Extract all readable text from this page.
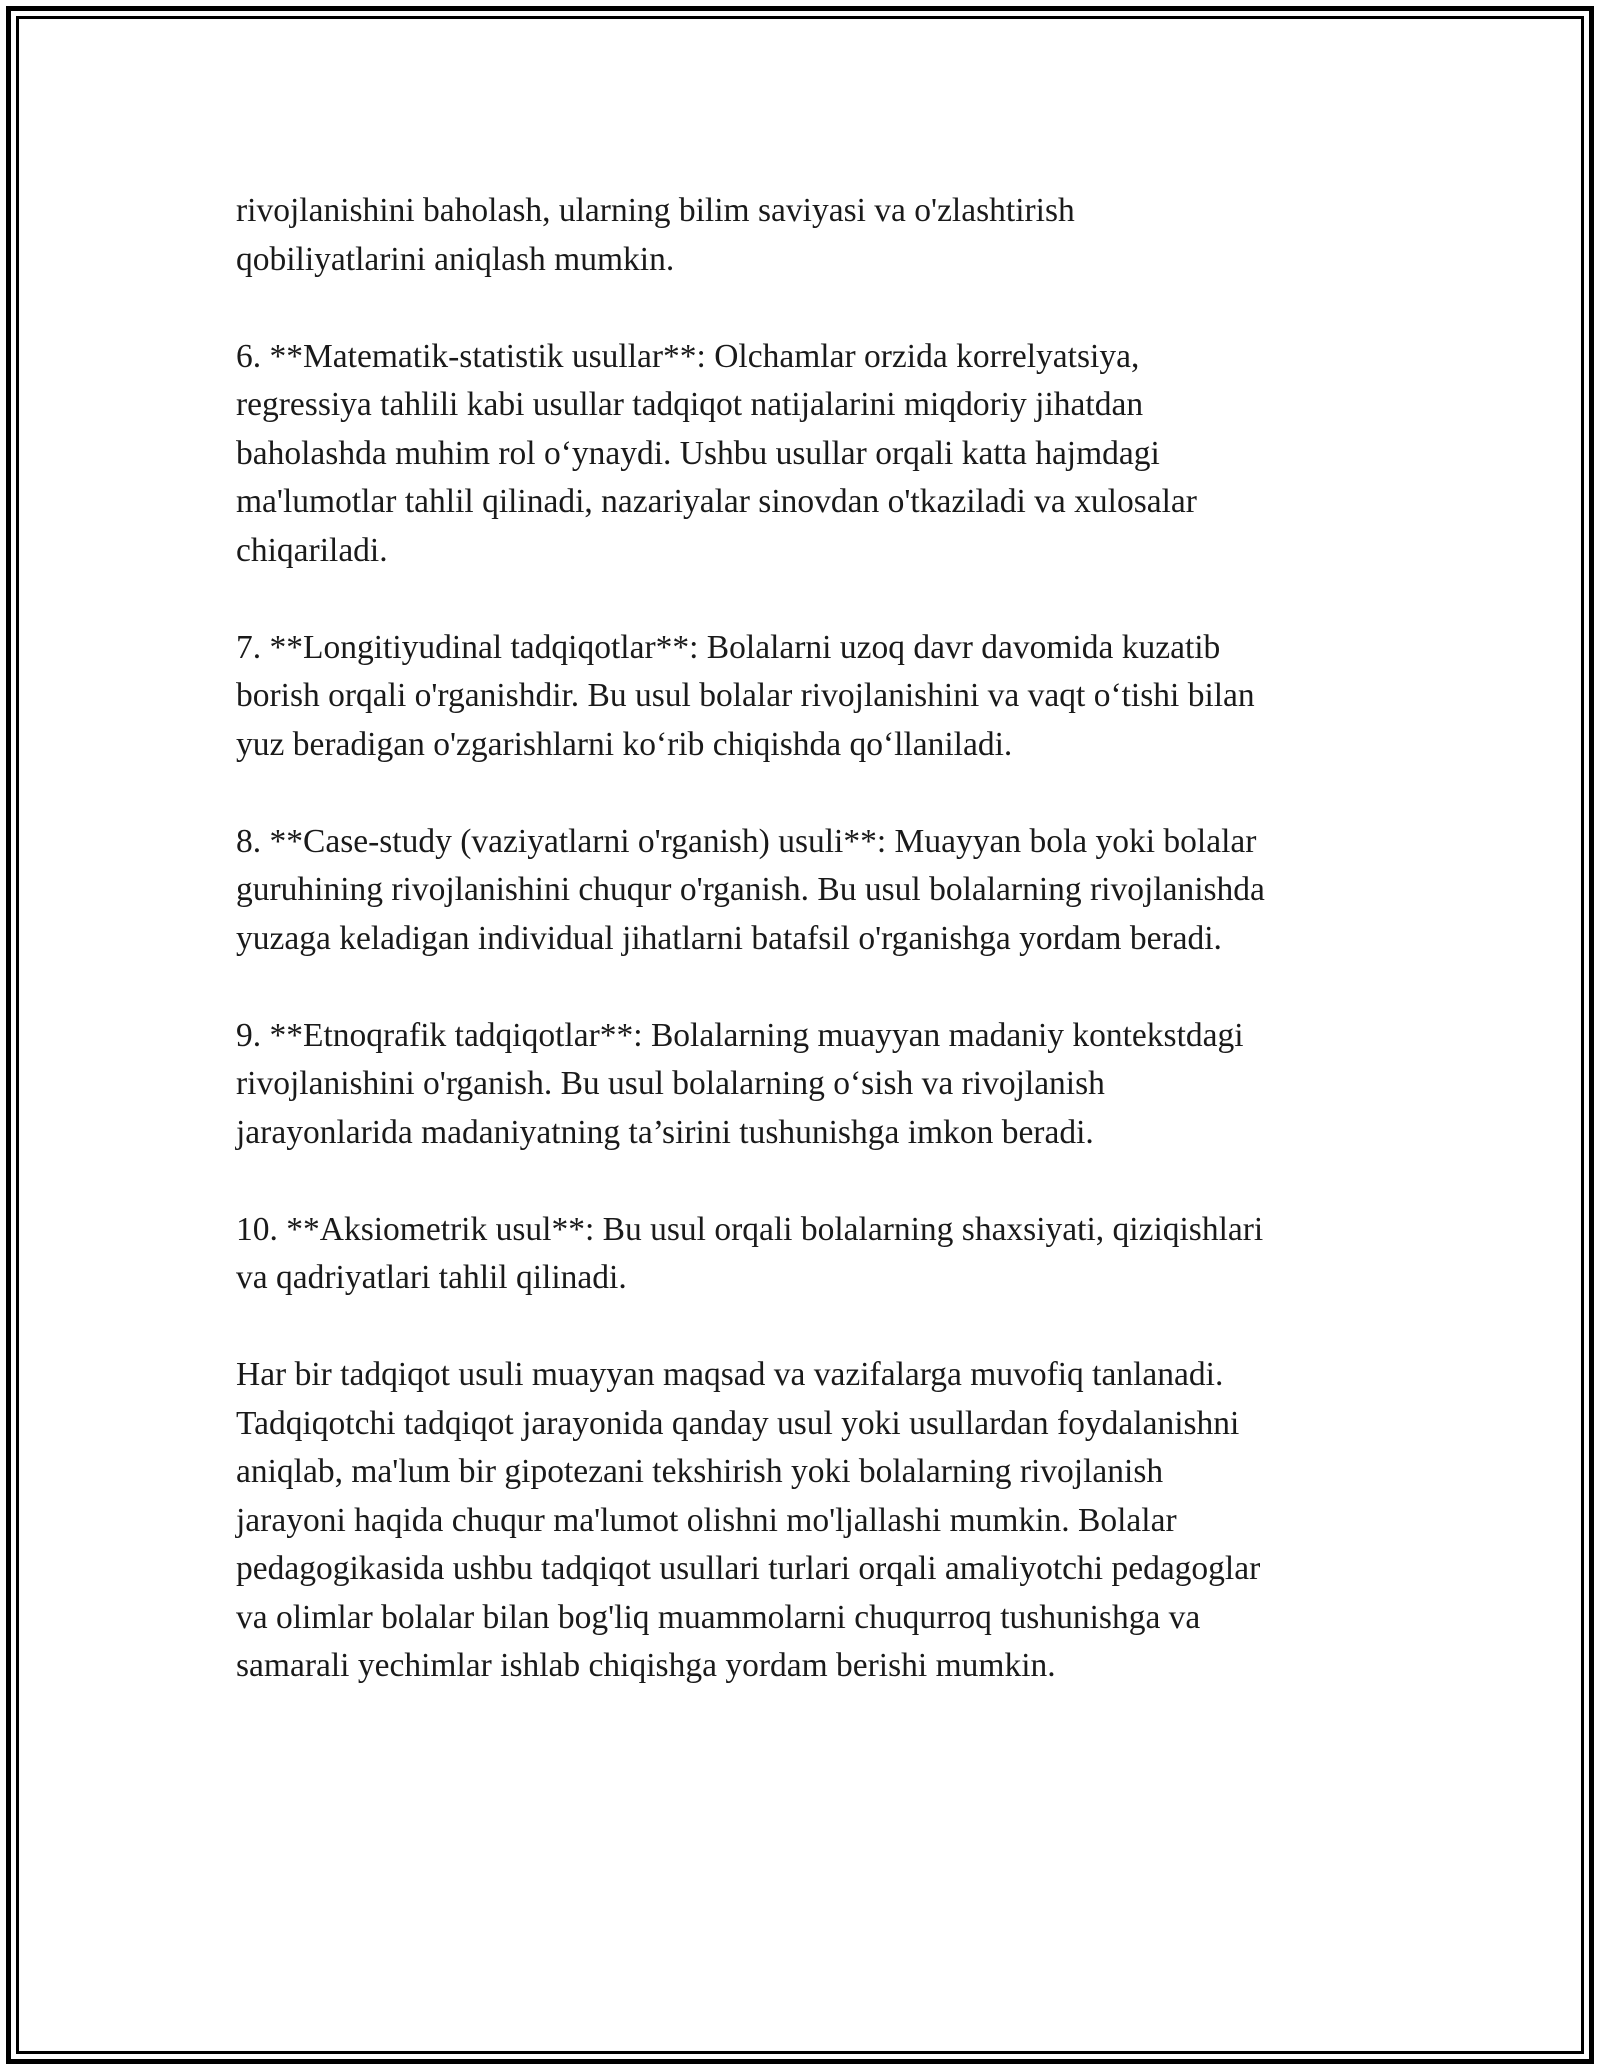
rivojlanishini baholash, ularning bilim saviyasi va o'zlashtirish
qobiliyatlarini aniqlash mumkin.

6. **Matematik-statistik usullar**: Olchamlar orzida korrelyatsiya,
regressiya tahlili kabi usullar tadqiqot natijalarini miqdoriy jihatdan
baholashda muhim rol o‘ynaydi. Ushbu usullar orqali katta hajmdagi
ma'lumotlar tahlil qilinadi, nazariyalar sinovdan o'tkaziladi va xulosalar
chiqariladi.

7. **Longitiyudinal tadqiqotlar**: Bolalarni uzoq davr davomida kuzatib
borish orqali o'rganishdir. Bu usul bolalar rivojlanishini va vaqt o‘tishi bilan
yuz beradigan o'zgarishlarni ko‘rib chiqishda qo‘llaniladi.

8. **Case-study (vaziyatlarni o'rganish) usuli**: Muayyan bola yoki bolalar
guruhining rivojlanishini chuqur o'rganish. Bu usul bolalarning rivojlanishda
yuzaga keladigan individual jihatlarni batafsil o'rganishga yordam beradi.

9. **Etnoqrafik tadqiqotlar**: Bolalarning muayyan madaniy kontekstdagi
rivojlanishini o'rganish. Bu usul bolalarning o‘sish va rivojlanish
jarayonlarida madaniyatning ta’sirini tushunishga imkon beradi.

10. **Aksiometrik usul**: Bu usul orqali bolalarning shaxsiyati, qiziqishlari
va qadriyatlari tahlil qilinadi.

Har bir tadqiqot usuli muayyan maqsad va vazifalarga muvofiq tanlanadi.
Tadqiqotchi tadqiqot jarayonida qanday usul yoki usullardan foydalanishni
aniqlab, ma'lum bir gipotezani tekshirish yoki bolalarning rivojlanish
jarayoni haqida chuqur ma'lumot olishni mo'ljallashi mumkin. Bolalar
pedagogikasida ushbu tadqiqot usullari turlari orqali amaliyotchi pedagoglar
va olimlar bolalar bilan bog'liq muammolarni chuqurroq tushunishga va
samarali yechimlar ishlab chiqishga yordam berishi mumkin.
